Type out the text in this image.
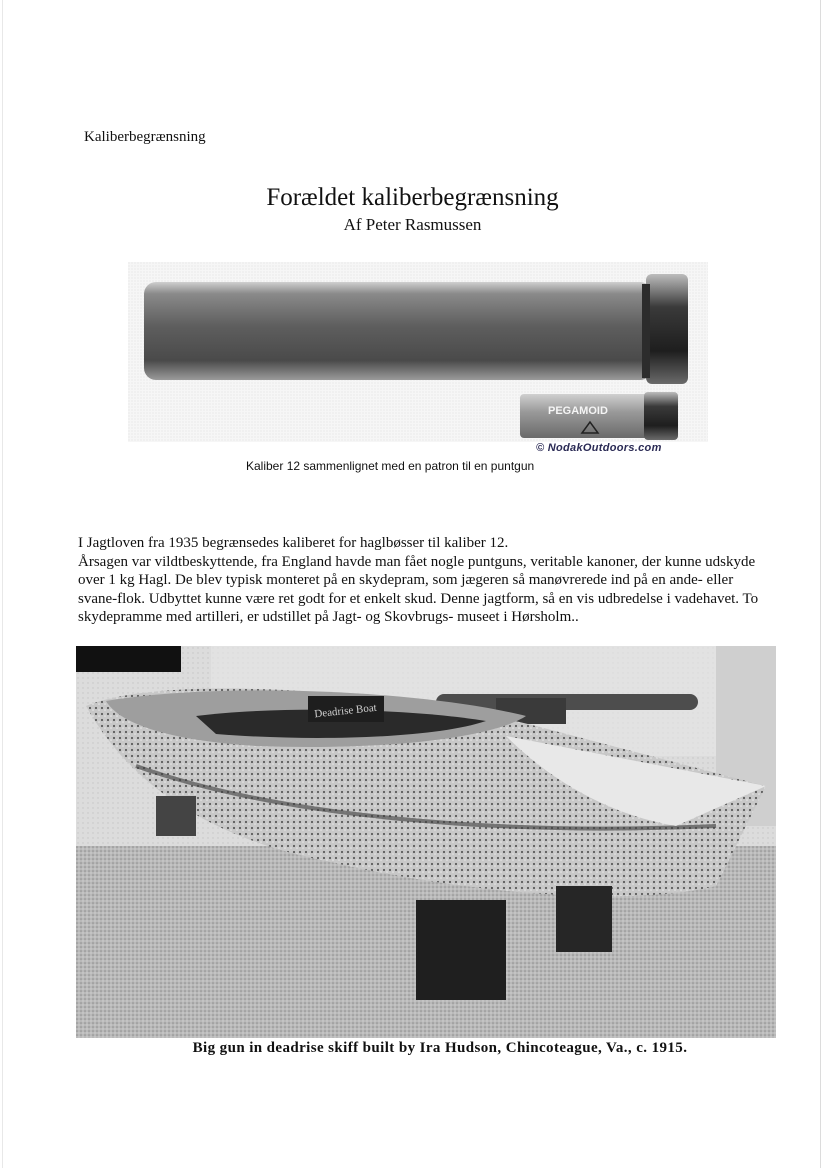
Kaliberbegrænsning
Forældet kaliberbegrænsning
Af Peter Rasmussen
PEGAMOID
© NodakOutdoors.com
Kaliber 12 sammenlignet med en patron til en puntgun

I Jagtloven fra 1935 begrænsedes kaliberet for haglbøsser til kaliber 12.

Årsagen var vildtbeskyttende, fra England havde man fået nogle puntguns, veritable kanoner, der kunne udskyde over 1 kg Hagl. De blev typisk monteret på en skydepram, som jægeren så manøvrerede ind på en ande- eller svane-flok. Udbyttet kunne være ret godt for et enkelt skud. Denne jagtform, så en vis udbredelse i vadehavet. To skydepramme med artilleri, er udstillet på Jagt- og Skovbrugs- museet i Hørsholm..

Deadrise Boat
Big gun in deadrise skiff built by Ira Hudson, Chincoteague, Va., c. 1915.
